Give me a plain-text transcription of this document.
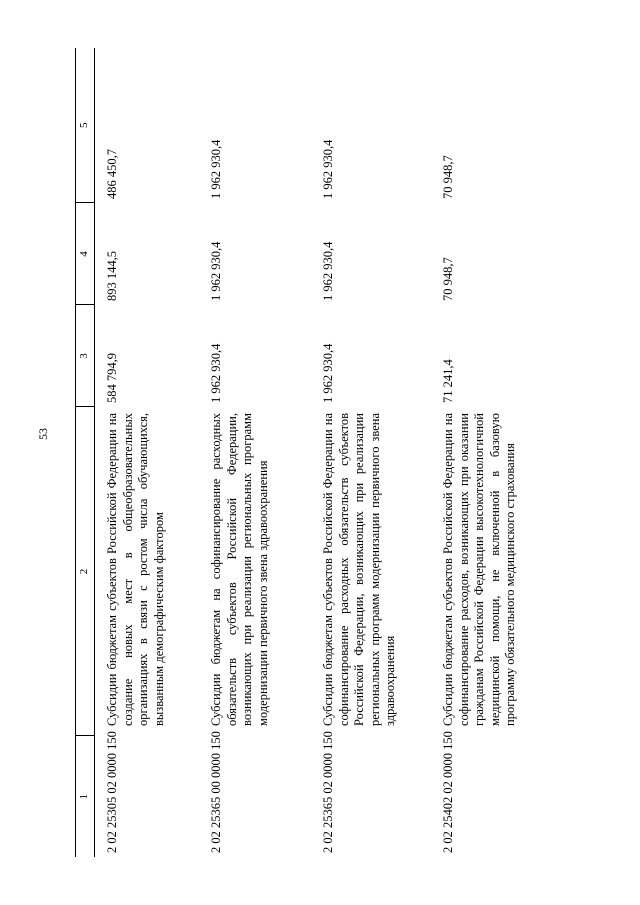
53
1	2	3	4	5
2 02 25305 02 0000 150	Субсидии бюджетам субъектов Российской Федерации на создание новых мест в общеобразовательных организациях в связи с ростом числа обучающихся, вызванным демографическим фактором	584 794,9	893 144,5	486 450,7
2 02 25365 00 0000 150	Субсидии бюджетам на софинансирование расходных обязательств субъектов Российской Федерации, возникающих при реализации региональных программ модернизации первичного звена здравоохранения	1 962 930,4	1 962 930,4	1 962 930,4
2 02 25365 02 0000 150	Субсидии бюджетам субъектов Российской Федерации на софинансирование расходных обязательств субъектов Российской Федерации, возникающих при реализации региональных программ модернизации первичного звена здравоохранения	1 962 930,4	1 962 930,4	1 962 930,4
2 02 25402 02 0000 150	Субсидии бюджетам субъектов Российской Федерации на софинансирование расходов, возникающих при оказании гражданам Российской Федерации высокотехнологичной медицинской помощи, не включенной в базовую программу обязательного медицинского страхования	71 241,4	70 948,7	70 948,7
